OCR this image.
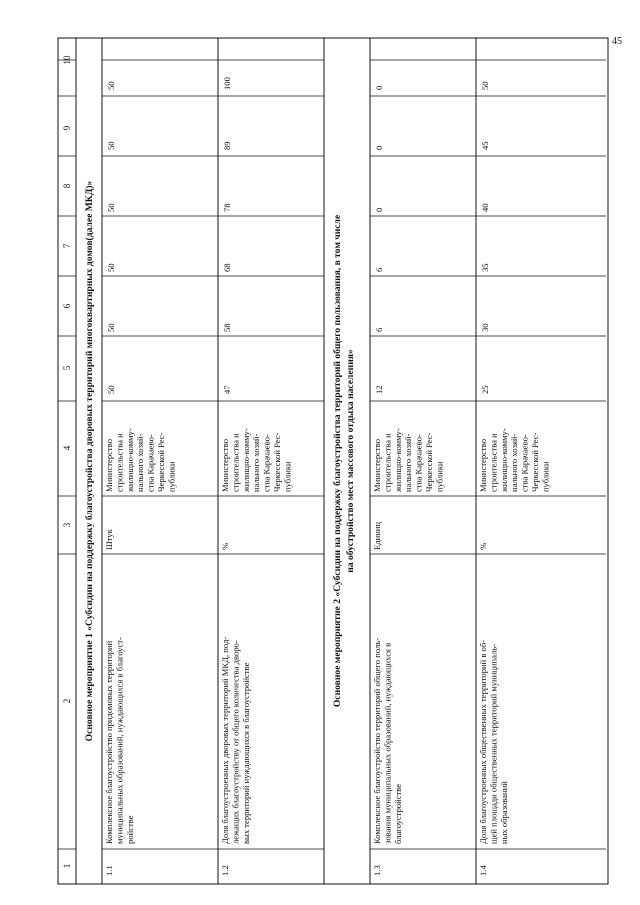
45
1
2
3
4
5
6
7
8
9
10
Основное мероприятие 1 «Субсидии на поддержку благоустройства дворовых территорий многоквартирных домов(далее МКД)»	Основное мероприятие 2 «Субсидии на поддержку благоустройства территорий общего пользования, в том числе на обустройство мест массового отдыха населения»
1.1
Комплексное благоустройство придомовых территорий муниципальных образований, нуждающихся в благоуст- ройстве
Штук
Министерство строительства и жилищно-комму- нального хозяй- ства Карачаево- Черкесской Рес- публики
50
50
50
50
50
50
1.2
Доля благоустроенных дворовых территорий МКД, под- лежащих благоустройству от общего количества дворо- вых территорий нуждающихся в благоустройстве
%
Министерство строительства и жилищно-комму- нального хозяй- ства Карачаево- Черкесской Рес- публики
47
58
68
78
89
100
1.3
Комплексное благоустройство территорий общего поль- зования муниципальных образований, нуждающихся в благоустройстве
Единиц
Министерство строительства и жилищно-комму- нального хозяй- ства Карачаево- Черкесской Рес- публики
12
6
6
0
0
0
1.4
Доля благоустроенных общественных территорий в об- щей площади общественных территорий муниципаль- ных образований
%
Министерство строительства и жилищно-комму- нального хозяй- ства Карачаево- Черкесской Рес- публики
25
30
35
40
45
50
